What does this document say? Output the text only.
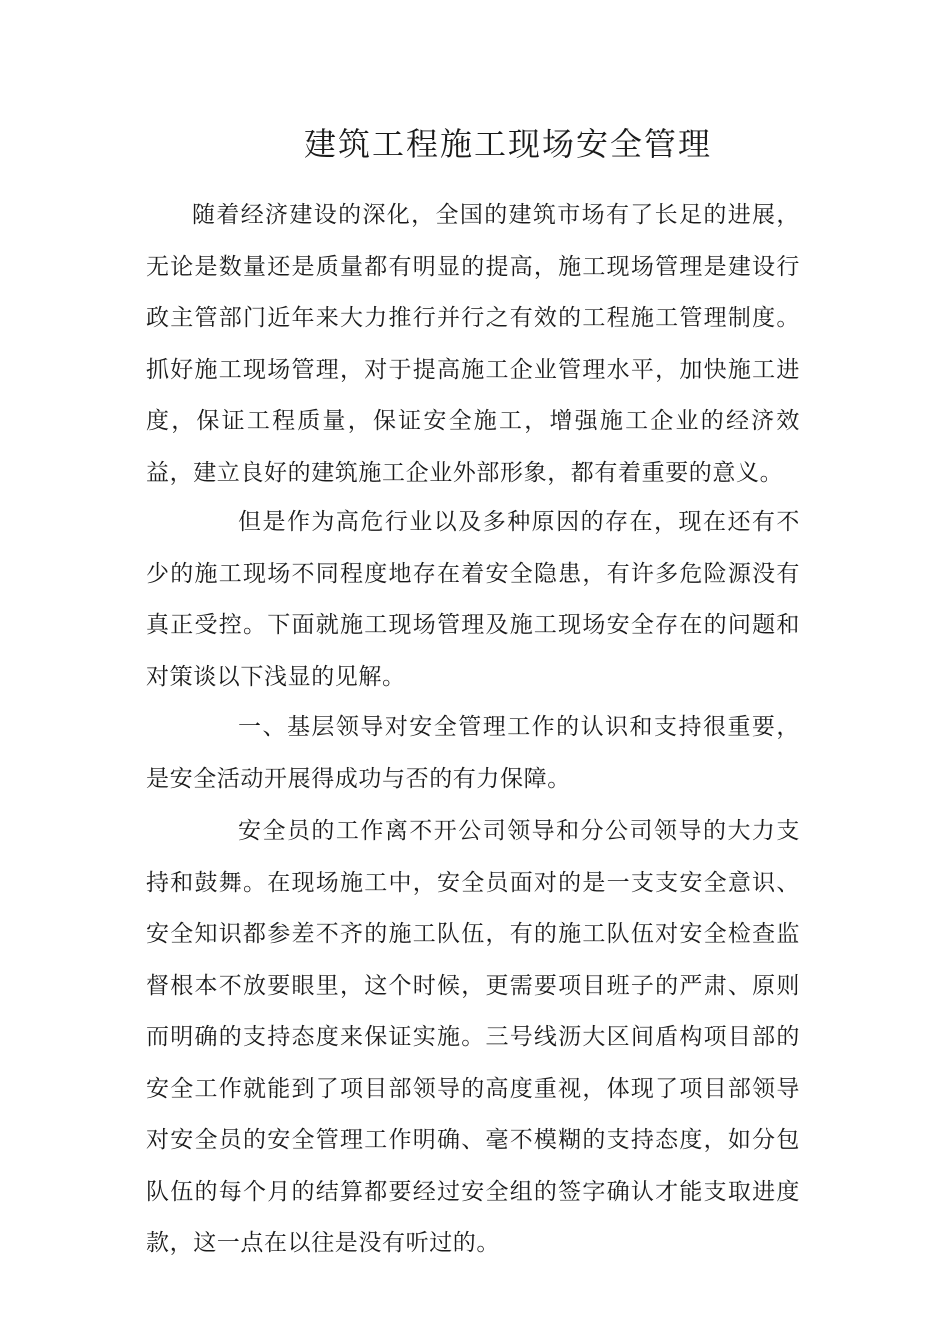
建筑工程施工现场安全管理

随着经济建设的深化，全国的建筑市场有了长足的进展，无论是数量还是质量都有明显的提高，施工现场管理是建设行政主管部门近年来大力推行并行之有效的工程施工管理制度。抓好施工现场管理，对于提高施工企业管理水平，加快施工进度，保证工程质量，保证安全施工，增强施工企业的经济效益，建立良好的建筑施工企业外部形象，都有着重要的意义。

但是作为高危行业以及多种原因的存在，现在还有不少的施工现场不同程度地存在着安全隐患，有许多危险源没有真正受控。下面就施工现场管理及施工现场安全存在的问题和对策谈以下浅显的见解。

一、基层领导对安全管理工作的认识和支持很重要，是安全活动开展得成功与否的有力保障。

安全员的工作离不开公司领导和分公司领导的大力支持和鼓舞。在现场施工中，安全员面对的是一支支安全意识、安全知识都参差不齐的施工队伍，有的施工队伍对安全检查监督根本不放要眼里，这个时候，更需要项目班子的严肃、原则而明确的支持态度来保证实施。三号线沥大区间盾构项目部的安全工作就能到了项目部领导的高度重视，体现了项目部领导对安全员的安全管理工作明确、毫不模糊的支持态度，如分包队伍的每个月的结算都要经过安全组的签字确认才能支取进度款，这一点在以往是没有听过的。
